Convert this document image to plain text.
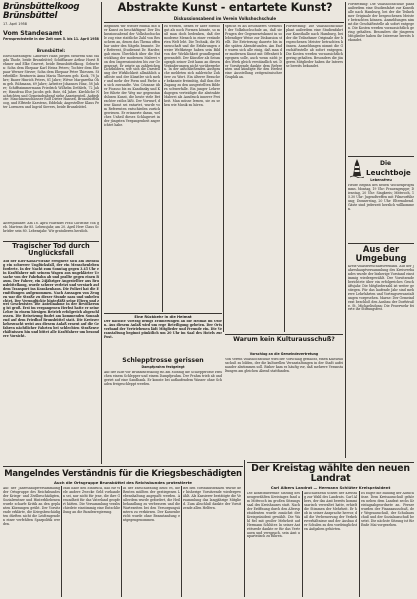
Brünsbüttelkoog Brünsbüttel
17. April 1958
Vom Standesamt
Fernsprechstelle in der Zeit vom 5. bis 11. April 1958
Brunsbüttel:
Eheschließungen: Landwirt Hans Jürgen Mehrens und Magda Thode, beide Brunsbüttel; Schiffbauer Arthur Horst Rehmer und Elke Gravert, beide Brunsbüttelkoog. Geburten: Sohn dem Ehepaar Karl Heinz Peters; Tochter dem Ehepaar Werner Struve; Sohn dem Ehepaar Peter Thiessen. Sterbefälle: Rentnerin Anna Maria Thiessen geb. Kock, 78 Jahre; Bauer Hinrich Peters, 81 Jahre; Witwe Margaretha Ohm geb. Rühmann, 69 Jahre; Arbeiter Johannes Hinz, 58 Jahre; Schiffszimmermann Friedrich Wilhelm Dethlefs, 72 Jahre; Hausfrau Else Jacobs geb. Boie, 64 Jahre. Kirchliche Nachrichten und Gemeindeabend siehe Anzeigenteil. Aufgebote: Maschinenschlosser Rolf Dieter Hansen, Brunsbüttelkoog, und Elfriede Karstens, Eddelak; Angestellter Klaus Peter Lorenzen und Ingrid Sievers, beide Brunsbüttel.
Altersjubilare: Am 18. April vollendet Frau Christine Voß geb. Martens ihr 85. Lebensjahr, am 20. April Herr Claus Schröder sein 80. Lebensjahr. Wir gratulieren herzlich.
Tragischer Tod durch Unglücksfall
Auf der Kiel-Kanal-Straße ereignete sich am Dienstag ein schwerer Unglücksfall, der ein Menschenleben forderte. In der Nacht zum Sonntag gegen 3.45 Uhr ein Kraftfahrer mit seinem Wagen aus ungeklärter Ursache von der Fahrbahn ab und prallte gegen einen Baum. Der Fahrer, ein 24jähriger Angestellter aus Brunsbüttelkoog, wurde schwer verletzt und verstarb auf dem Transport ins Krankenhaus. Die Polizei hat die Ermittlungen aufgenommen. Nach Aussagen von Zeugen war die Straße zu dieser Stunde nass und unbeleuchtet. Der Verunglückte hinterläßt seine Eltern und zwei Geschwister. Die Anteilnahme in der Bevölkerung ist groß. Erst im vergangenen Herbst hatte er seine Lehre in einem hiesigen Betrieb erfolgreich abgeschlossen. Die Beisetzung findet am kommenden Sonnabend auf dem Friedhof Brunsbüttel statt. Die Kreisverkehrswacht weist aus diesem Anlaß erneut auf die Gefahren nächtlicher Fahrten bei schlechten Straßenverhältnissen hin und bittet alle Kraftfahrer um besondere Vorsicht.
Abstrakte Kunst - entartete Kunst?
Diskussionsabend im Verein Volkshochschule
Beginnen wir wieder einmal mit der Kunst zu beschäftigen! Der Diskussionsabend der Volkshochschule zog eine stattliche Zahl von Besuchern an, denen das Thema offenbar unter den Nägeln brannte. Der Referent, Studienrat Dr. Harder, gab einen Überblick über die Entwicklung der modernen Malerei von den Impressionisten bis zur Gegenwart. Er zeigte an zahlreichen Lichtbildern, wie sich die Darstellung der Wirklichkeit allmählich auflöste und der Künstler sich mehr und mehr der Form und Farbe an sich zuwandte. Von Cézanne über Picasso bis zu Kandinsky und Klee führte der Weg zur gegenstandslosen Kunst, die heute viele Betrachter ratlos läßt. Der Vorwurf, diese Kunst sei entartet, wurde vom Referenten entschieden zurückgewiesen. Er erinnerte daran, welches Unheil dieses Schlagwort in der jüngsten Vergangenheit angerichtet habe.
zu werden, denen er aber ebenso gut als noch Formen könnte, so muß man doch bedenken, daß der moderne Mensch in einer veränderten Welt lebt. Die Technik, die Wissenschaft und die Erfahrungen zweier Weltkriege haben sein Bild von der Wirklichkeit grundlegend gewandelt. Der Künstler als Seismograph seiner Zeit kann an diesen Veränderungen nicht vorübergehen. In der anschließenden Aussprache meldeten sich zahlreiche Zuhörer zu Wort. Ein älterer Besucher bekannte freimütig, daß ihm der Zugang zu den ausgestellten Bildern schwerfalle. Ein junger Lehrer dagegen verteidigte die abstrakte Malerei als Ausdruck innerer Freiheit. Man müsse lernen, sie zu sehen wie Musik zu hören.
spricht es als besonderes Verdienst der Volkshochschule an, daß sie Fragen der Gegenwartskunst in so lebendiger Weise zur Diskussion stellt. Die Erörterung dauerte bis in die späten Abendstunden. Am Ende waren sich alle einig, daß man der modernen Kunst mit Offenheit begegnen solle, auch wenn nicht jedes Werk gleich verständlich sei. Der Vorsitzende dankte dem Referenten und kündigte für den Herbst eine Ausstellung zeitgenössischer Graphik an.
Fortsetzung: Die Volkshochschule plant außerdem eine Studienfahrt zur Kunsthalle nach Hamburg, bei der die Teilnehmer Originale der besprochenen Meister betrachten können. Anmeldungen nimmt die Geschäftsstelle ab sofort entgegen. Die Kosten werden voraussichtlich gering gehalten. Besonders die jüngeren Mitglieder haben ihr Interesse bereits bekundet.
Eine Rückkehr in die Heimat
Der nächste Vortrag bringt Erinnerungen an die Heimat im Osten. Aus diesem Anlaß wird um rege Beteiligung gebeten. Der Ortsverband der Vertriebenen lädt Mitglieder und Freunde ein. Die Veranstaltung beginnt pünktlich um 20 Uhr im Saal des Hotels zur Post.
Schlepptrosse gerissen
Dampfprahm festgelegt
Auf der Elbe vor Brunsbüttelkoog riß am Montag die Schlepptrosse zwischen einem Schlepper und einem Dampfprahm. Der Prahm trieb ab und geriet auf eine Sandbank. Er konnte bei auflaufendem Wasser ohne Schaden freigeschleppt werden.
Warum kein Kulturausschuß?
Vorschlag an die Gemeindevertretung
Von Verein Volkshochschule wird der Vorschlag gemacht, einen Kulturausschuß zu bilden, der die kulturellen Veranstaltungen in der Stadt aufeinander abstimmen soll. Bisher kam es häufig vor, daß mehrere Veranstaltungen am gleichen Abend stattfanden.
Fortsetzung: Die Volkshochschule plant außerdem eine Studienfahrt zur Kunsthalle nach Hamburg, bei der die Teilnehmer Originale der besprochenen Meister betrachten können. Anmeldungen nimmt die Geschäftsstelle ab sofort entgegen. Die Kosten werden voraussichtlich gering gehalten. Besonders die jüngeren Mitglieder haben ihr Interesse bereits bekundet.
Die
Leuchtboje
Lebensfreu
Heute Beginn des neuen Wochenprogramms. Montag, 19 Uhr: Frauengruppe; Dienstag, 20 Uhr: Singkreis; Mittwoch, 15.30 Uhr: Jugendtreffen mit Filmvorführung; Donnerstag, 20 Uhr: Elternabend. Gäste sind jederzeit herzlich willkommen.
Aus der Umgebung
Kreis-Volkswirtschaftsverband. Auf der Jahreshauptversammlung des Kreisverbandes wurde der bisherige Vorstand einstimmig wiedergewählt. Der Vorsitzende berichtete über ein erfolgreiches Geschäftsjahr. Die Mitgliederzahl ist weiter gestiegen. Für das laufende Jahr sind mehrere Lehrfahrten und Vortragsveranstaltungen vorgesehen. Marne: Der Gemeinderat beschloß den Ausbau der Dorfstraße. St. Michaelisdonn: Die Feuerwehr feierte ihr Stiftungsfest.
Mangelndes Verständnis für die Kriegsbeschädigten
Auch die Ortsgruppe Brunsbüttel des Reichsbundes protestierte
Auf der Jahreshauptversammlung der Ortsgruppe des Reichsbundes der Kriegs- und Zivilbeschädigten, Sozialrentner und Hinterbliebenen wurde scharfe Kritik an den geplanten Kürzungen geübt. Der Vorsitzende erklärte, die Kriegsbeschädigten dürften nicht die Leidtragenden einer verfehlten Sparpolitik werden.
Man habe den Eindruck, daß für viele andere Zwecke Geld vorhanden sei, nur nicht für jene, die ihre Gesundheit für das Vaterland geopfert hätten. Die Versammlung verabschiedete einstimmig eine Entschließung an die Bundesregierung.
In der Entschließung heißt es, die Renten müßten der gestiegenen Lebenshaltung angepaßt werden. Außerdem wurde gefordert, die Heilbehandlung zu verbessern und die Wartezeiten bei den Versorgungsämtern zu verkürzen. Der Kassenbericht wurde ohne Beanstandung entgegengenommen.
Bei den Vorstandswahlen wurde der bisherige Vorsitzende wiedergewählt. Als Kassierer bestätigte die Versammlung das langjährige Mitglied. Zum Abschluß dankte der Vorsitzende allen Helfern.
Der Kreistag wählte den neuen Landrat
Carl Albers Landrat — Hermann Schlüter Kreispräsident
Die konstituierende Sitzung des neugewählten Kreistages fand am Mittwoch im großen Sitzungssaal des Kreishauses statt. Nach der Eröffnung durch den Alterspräsidenten wurde zunächst der Kreispräsident gewählt. Die Wahl fiel mit großer Mehrheit auf Hermann Schlüter. In seiner Antrittsrede dankte er für das Vertrauen und versprach, sein Amt unparteiisch zu führen.
Anschließend schritt der Kreistag zur Wahl des Landrats. Carl Albers, der das Amt bereits kommissarisch verwaltet hatte, erhielt die Stimmen der Mehrheit. Er hob in seiner Ansprache hervor, daß die Verbesserung der Verkehrsverhältnisse und der Ausbau der Schulen zu den vordringlichsten Aufgaben gehörten.
Es folgte die Bildung der Ausschüsse. Dem Kreisausschuß gehören neben dem Landrat sechs Kreistagsabgeordnete an. Ferner wurden der Finanzausschuß, der Wegeausschuß, der Schulausschuß und der Sozialausschuß besetzt. Die nächste Sitzung ist für Ende Mai vorgesehen.
